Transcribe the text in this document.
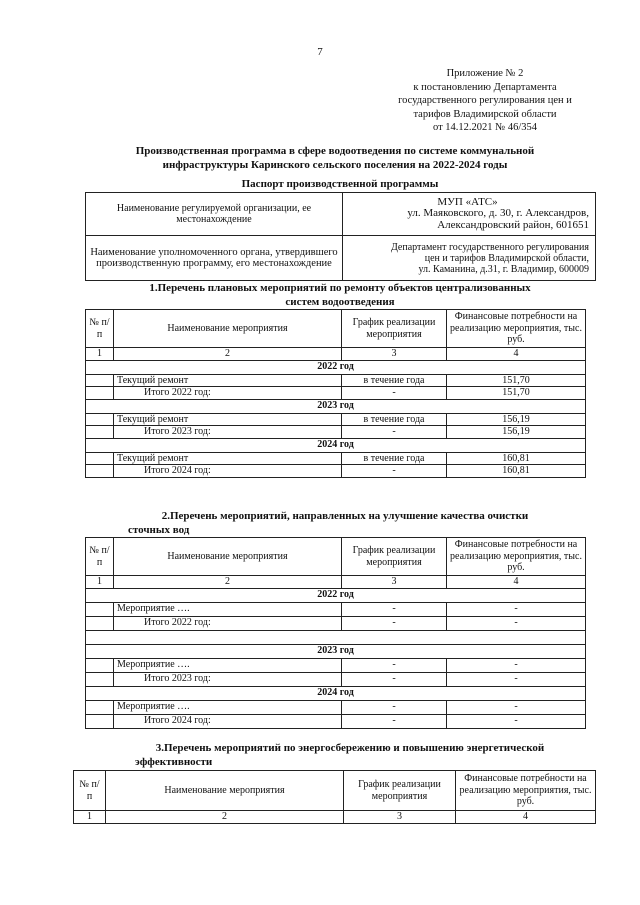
7
Приложение № 2
к постановлению Департамента
государственного регулирования цен и
тарифов Владимирской области
от 14.12.2021 № 46/354
Производственная программа в сфере водоотведения по системе коммунальной
инфраструктуры Каринского сельского поселения на 2022-2024 годы
Паспорт производственной программы
Наименование регулируемой организации, ее местонахождение	МУП «АТС»
ул. Маяковского, д. 30, г. Александров,
Александровский район, 601651

Наименование уполномоченного органа, утвердившего производственную программу, его местонахождение	Департамент государственного регулирования
цен и тарифов Владимирской области,
ул. Каманина, д.31, г. Владимир, 600009
1.Перечень плановых мероприятий по ремонту объектов централизованных
систем водоотведения
№ п/п	Наименование мероприятия	График реализации мероприятия	Финансовые потребности на реализацию мероприятия, тыс. руб.
1	2	3	4
2022 год			
	Текущий ремонт	в течение года	151,70
	Итого 2022 год:	-	151,70
2023 год			
	Текущий ремонт	в течение года	156,19
	Итого 2023 год:	-	156,19
2024 год			
	Текущий ремонт	в течение года	160,81
	Итого 2024 год:	-	160,81
2.Перечень мероприятий, направленных на улучшение качества очистки
сточных вод
№ п/п	Наименование мероприятия	График реализации мероприятия	Финансовые потребности на реализацию мероприятия, тыс. руб.
1	2	3	4
2022 год			
	Мероприятие ….	-	-
	Итого 2022 год:	-	-

2023 год			
	Мероприятие ….	-	-
	Итого 2023 год:	-	-
2024 год			
	Мероприятие ….	-	-
	Итого 2024 год:	-	-
3.Перечень мероприятий по энергосбережению и повышению энергетической
эффективности
№ п/п	Наименование мероприятия	График реализации мероприятия	Финансовые потребности на реализацию мероприятия, тыс. руб.
1	2	3	4
